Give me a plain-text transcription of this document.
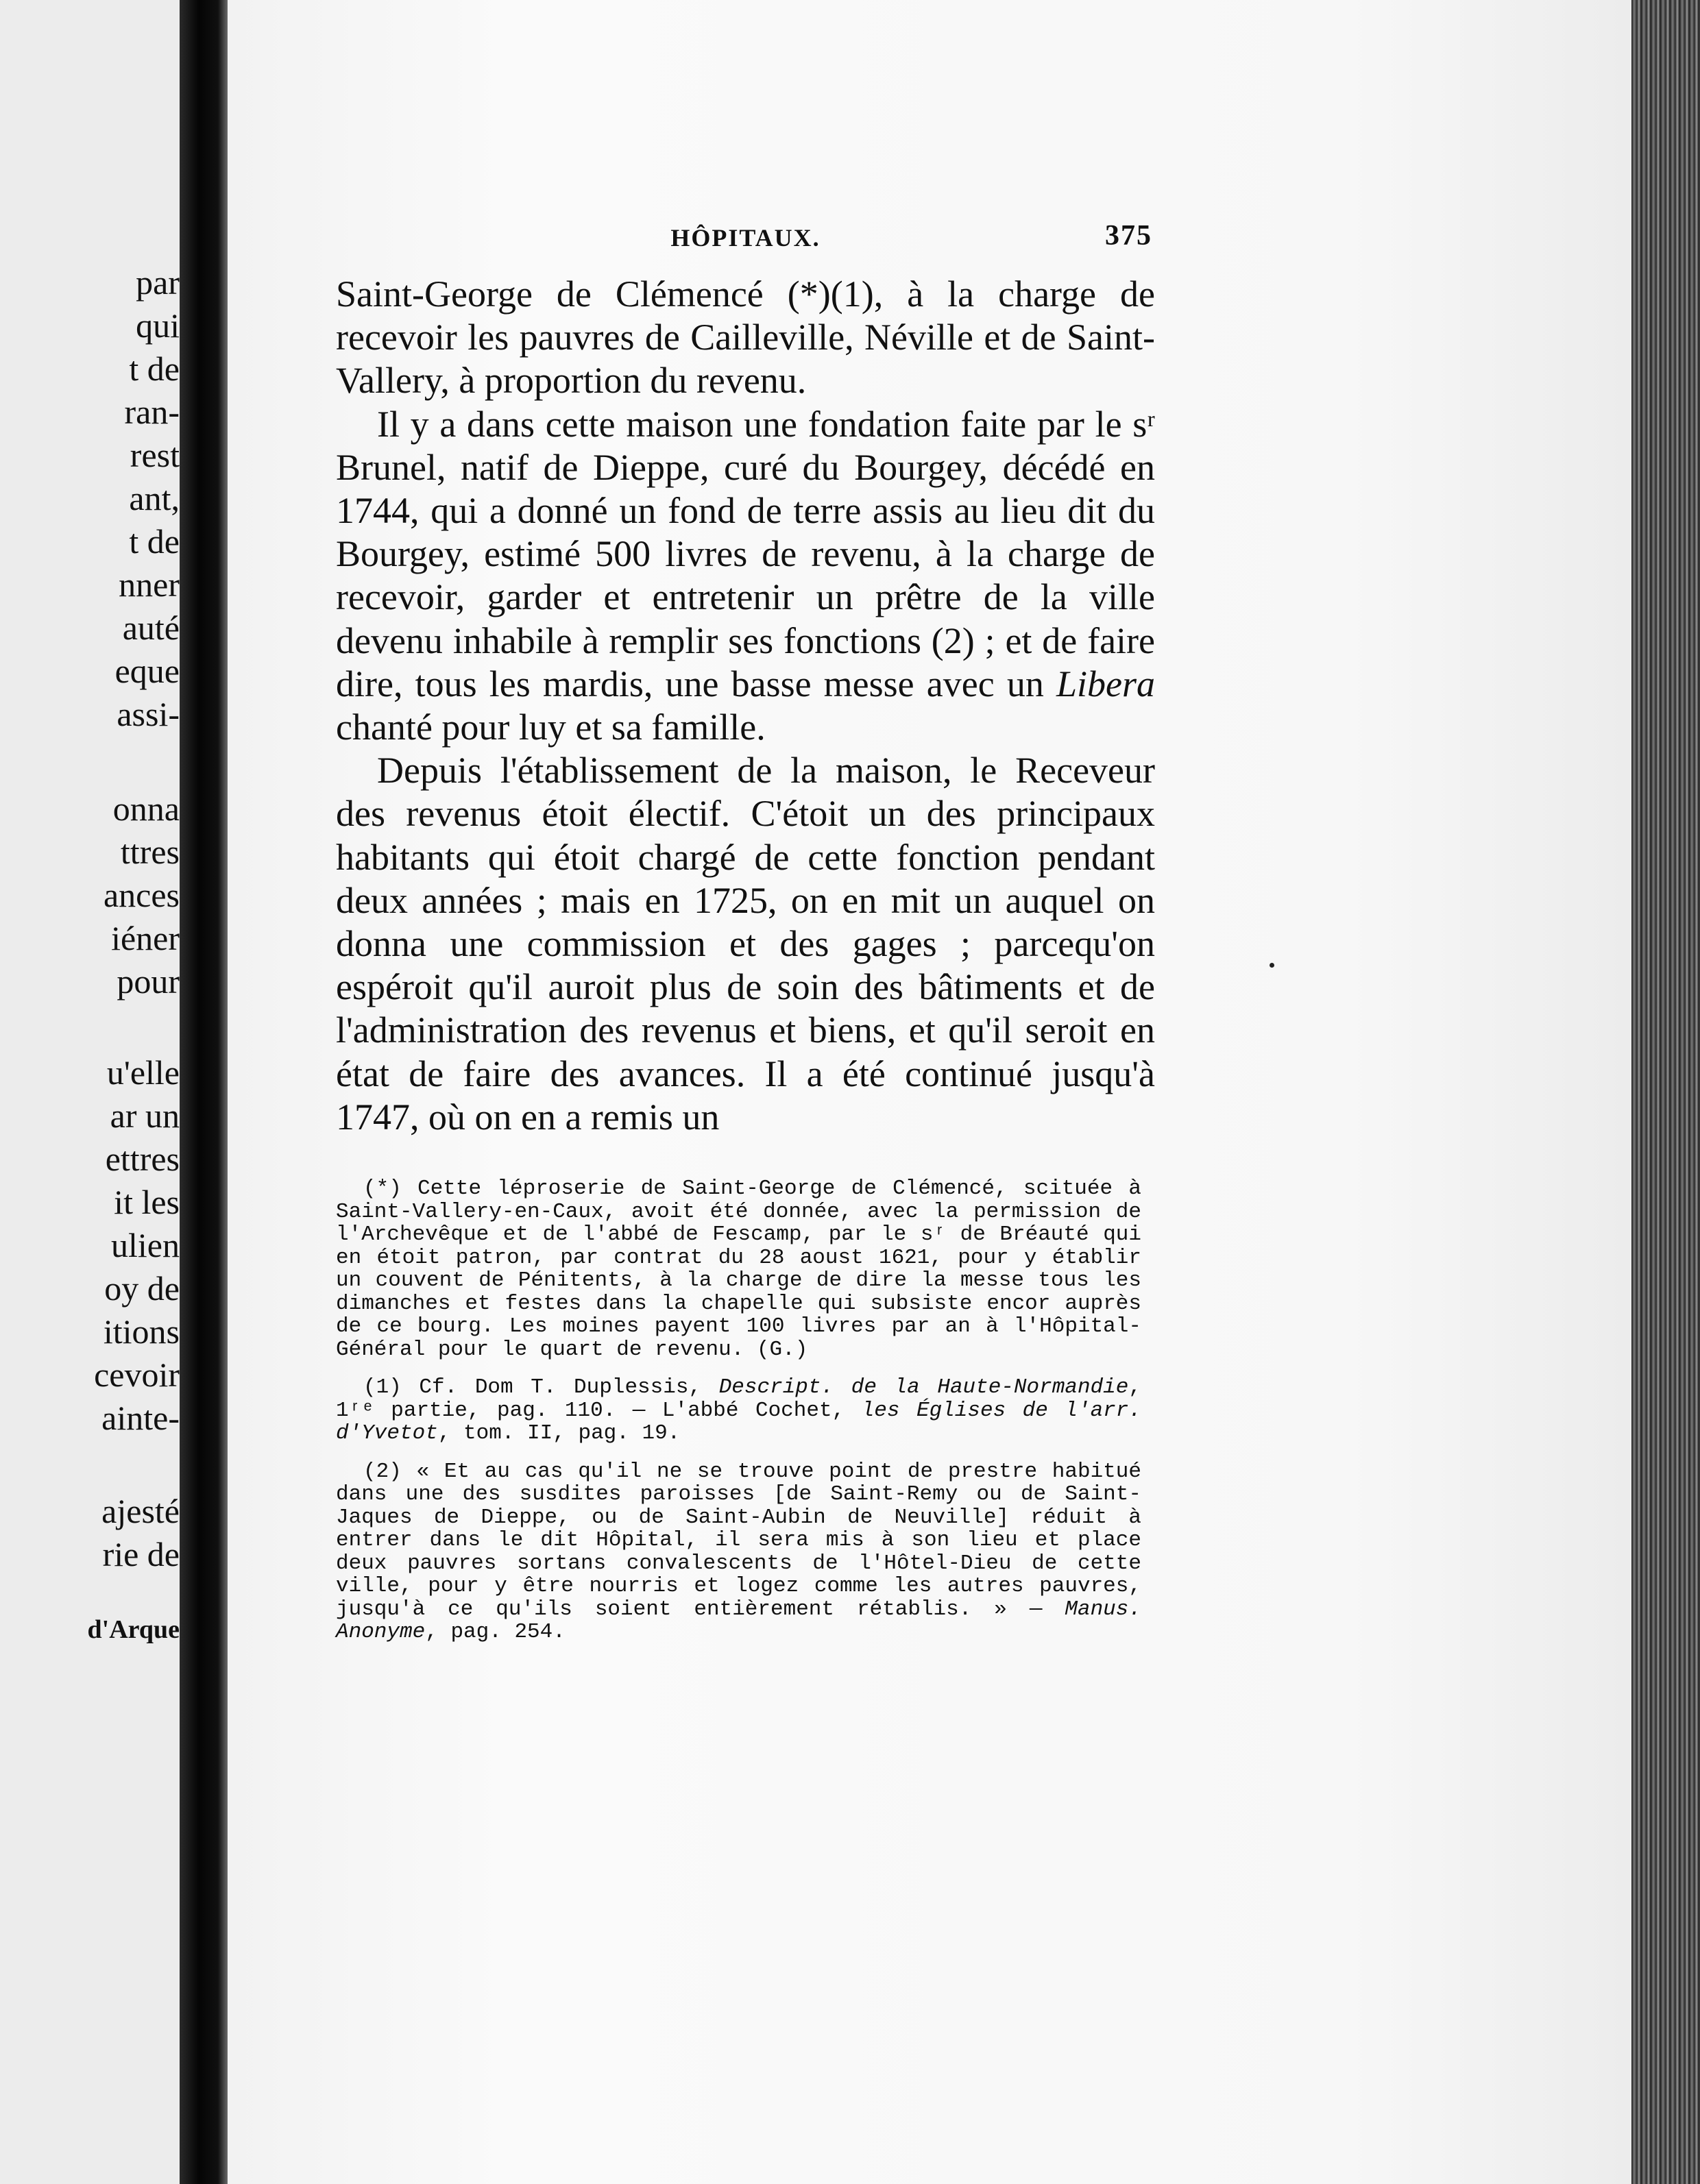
par
qui
t de
ran-
rest
ant,
t de
nner
auté
eque
assi-
onna
ttres
ances
iéner
pour
u'elle
ar un
ettres
it les
ulien
oy de
itions
cevoir
ainte-
ajesté
rie de
d'Arque
HÔPITAUX.	375

Saint-George de Clémencé (*)(1), à la charge de recevoir les pauvres de Cailleville, Néville et de Saint-Vallery, à proportion du revenu.

Il y a dans cette maison une fondation faite par le sʳ Brunel, natif de Dieppe, curé du Bourgey, décédé en 1744, qui a donné un fond de terre assis au lieu dit du Bourgey, estimé 500 livres de revenu, à la charge de recevoir, garder et entretenir un prêtre de la ville devenu inhabile à remplir ses fonctions (2) ; et de faire dire, tous les mardis, une basse messe avec un Libera chanté pour luy et sa famille.

Depuis l'établissement de la maison, le Receveur des revenus étoit électif. C'étoit un des principaux habitants qui étoit chargé de cette fonction pendant deux années ; mais en 1725, on en mit un auquel on donna une commission et des gages ; parcequ'on espéroit qu'il auroit plus de soin des bâtiments et de l'administration des revenus et biens, et qu'il seroit en état de faire des avances. Il a été continué jusqu'à 1747, où on en a remis un

(*) Cette léproserie de Saint-George de Clémencé, scituée à Saint-Vallery-en-Caux, avoit été donnée, avec la permission de l'Archevêque et de l'abbé de Fescamp, par le sʳ de Bréauté qui en étoit patron, par contrat du 28 aoust 1621, pour y établir un couvent de Pénitents, à la charge de dire la messe tous les dimanches et festes dans la chapelle qui subsiste encor auprès de ce bourg. Les moines payent 100 livres par an à l'Hôpital-Général pour le quart de revenu. (G.)

(1) Cf. Dom T. Duplessis, Descript. de la Haute-Normandie, 1ʳᵉ partie, pag. 110. — L'abbé Cochet, les Églises de l'arr. d'Yvetot, tom. II, pag. 19.

(2) « Et au cas qu'il ne se trouve point de prestre habitué dans une des susdites paroisses [de Saint-Remy ou de Saint-Jaques de Dieppe, ou de Saint-Aubin de Neuville] réduit à entrer dans le dit Hôpital, il sera mis à son lieu et place deux pauvres sortans convalescents de l'Hôtel-Dieu de cette ville, pour y être nourris et logez comme les autres pauvres, jusqu'à ce qu'ils soient entièrement rétablis. » — Manus. Anonyme, pag. 254.
